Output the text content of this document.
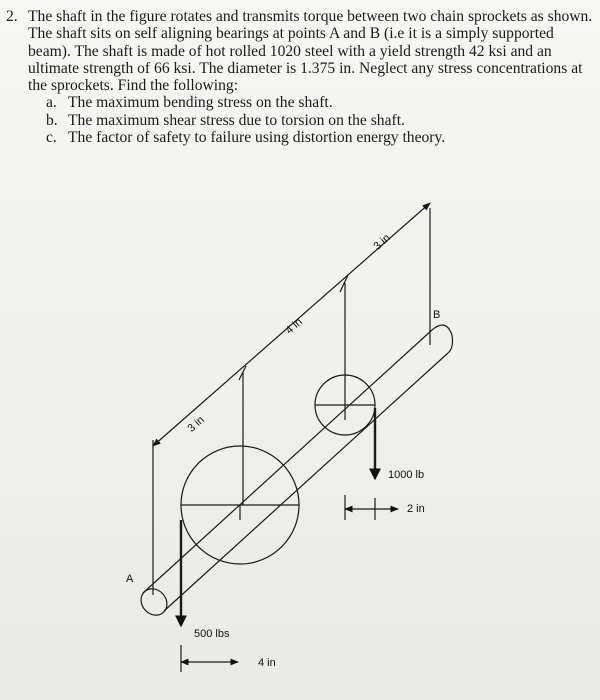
2. The shaft in the figure rotates and transmits torque between two chain sprockets as shown. The shaft sits on self aligning bearings at points A and B (i.e it is a simply supported beam). The shaft is made of hot rolled 1020 steel with a yield strength 42 ksi and an ultimate strength of 66 ksi. The diameter is 1.375 in. Neglect any stress concentrations at the sprockets. Find the following:
a. The maximum bending stress on the shaft.
b. The maximum shear stress due to torsion on the shaft.
c. The factor of safety to failure using distortion energy theory.
A
B
3 in
4 in
3 in
1000 lb
500 lbs
2 in
4 in
